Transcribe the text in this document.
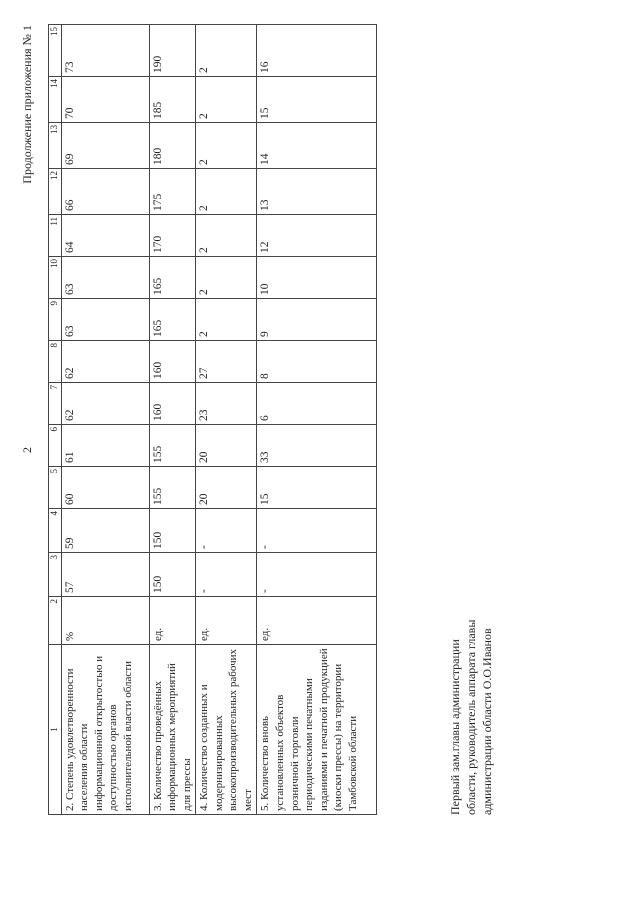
2
Продолжение приложения № 1
1	2	3	4	5	6	7	8	9	10	11	12	13	14	15
2. Степень удовлетворенности населения области информационной открытостью и доступностью органов исполнительной власти области	%	57	59	60	61	62	62	63	63	64	66	69	70	73
3. Количество проведённых информационных мероприятий для прессы	ед.	150	150	155	155	160	160	165	165	170	175	180	185	190
4. Количество созданных и модернизированных высокопроизводительных рабочих мест	ед.	-	-	20	20	23	27	2	2	2	2	2	2	2
5. Количество вновь установленных объектов розничной торговли периодическими печатными изданиями и печатной продукцией (киоски прессы) на территории Тамбовской области	ед.	-	-	15	33	6	8	9	10	12	13	14	15	16
Первый зам.главы администрации области, руководитель аппарата главы администрации области О.О.Иванов
